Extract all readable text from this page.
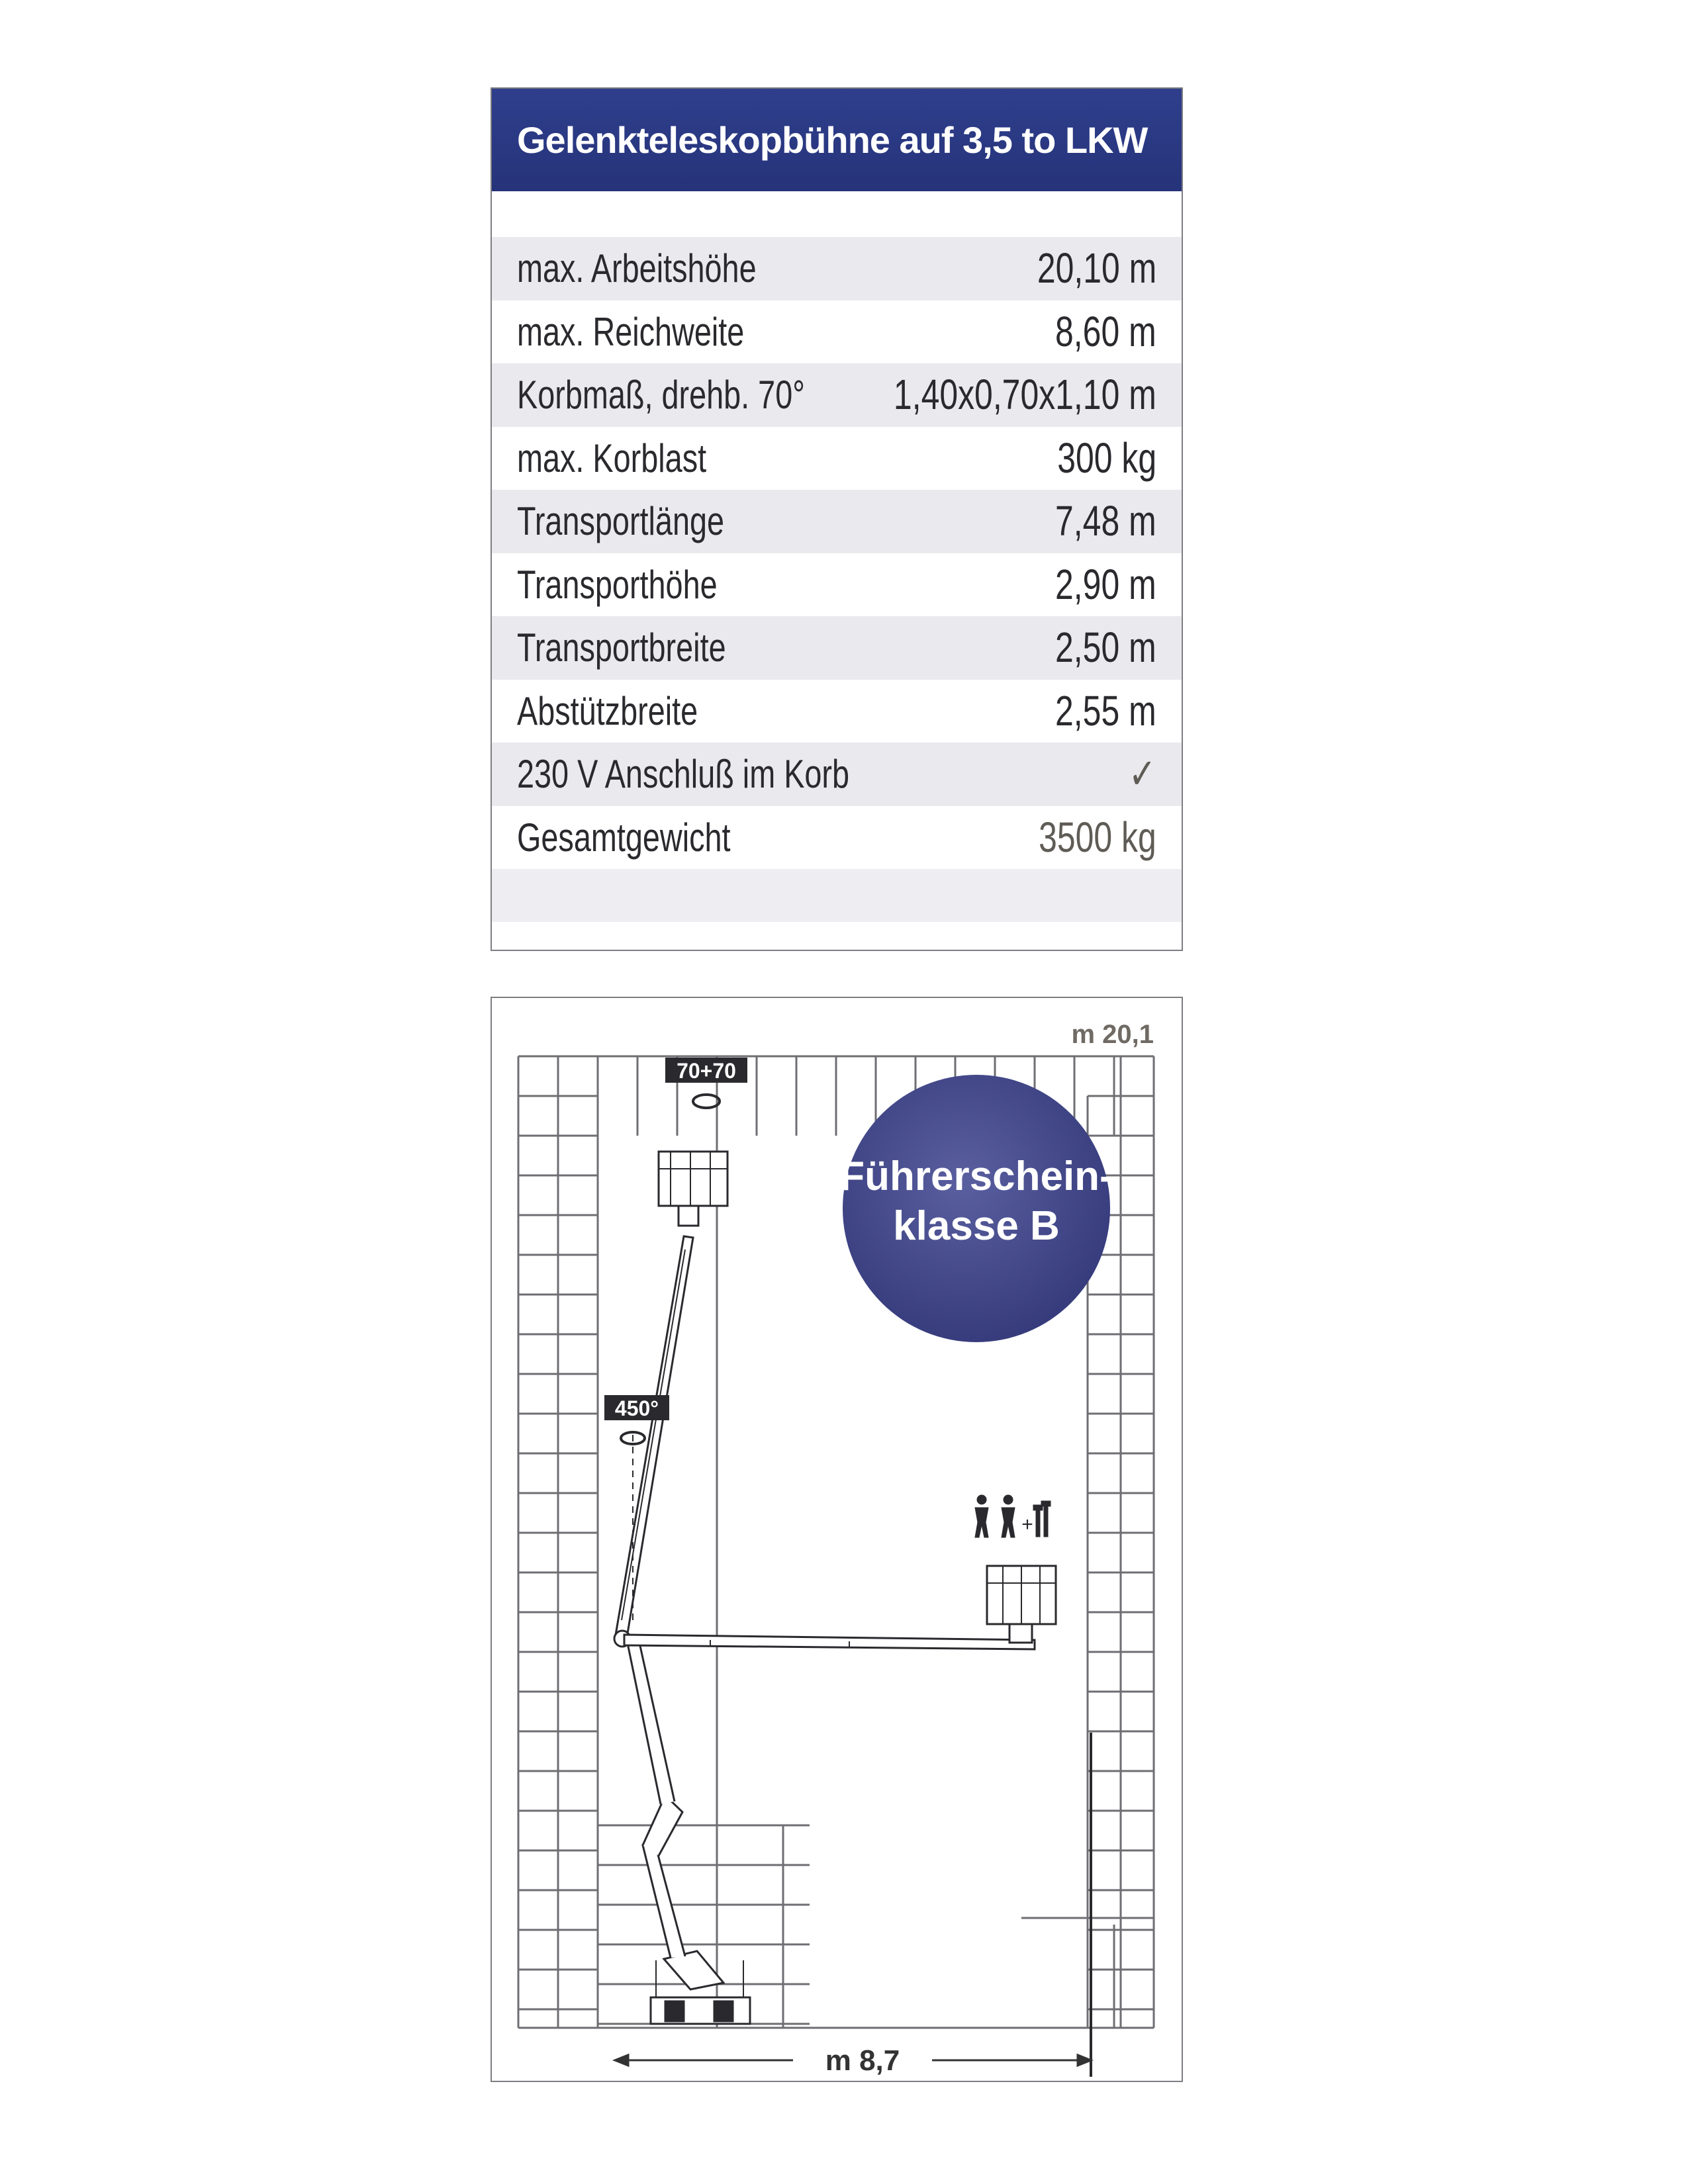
Gelenkteleskopbühne auf 3,5 to LKW
max. Arbeitshöhe	20,10 m
max. Reichweite	8,60 m
Korbmaß, drehb. 70° 1,40x0,70x1,10 m
max. Korblast	300 kg
Transportlänge	7,48 m
Transporthöhe	2,90 m
Transportbreite	2,50 m
Abstützbreite	2,55 m
230 V Anschluß im Korb	✓
Gesamtgewicht	3500 kg
m 20,1
m 8,7
Führerschein-
klasse B
70+70
450°
+
